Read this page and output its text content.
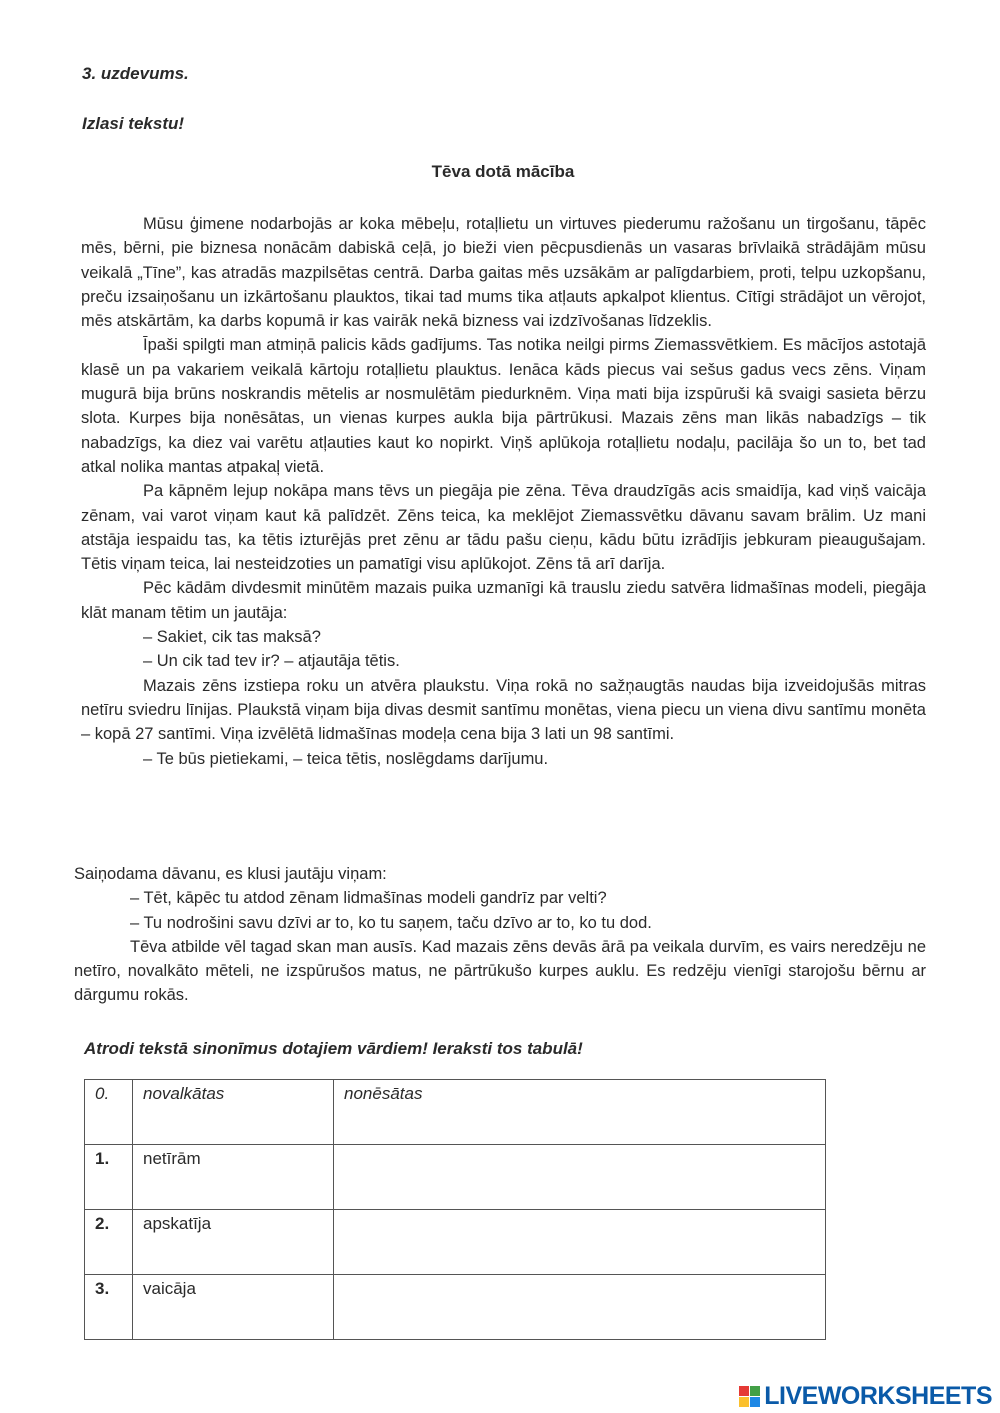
3. uzdevums.
Izlasi tekstu!
Tēva dotā mācība

Mūsu ģimene nodarbojās ar koka mēbeļu, rotaļlietu un virtuves piederumu ražošanu un tirgošanu, tāpēc mēs, bērni, pie biznesa nonācām dabiskā ceļā, jo bieži vien pēcpusdienās un vasaras brīvlaikā strādājām mūsu veikalā „Tīne”, kas atradās mazpilsētas centrā. Darba gaitas mēs uzsākām ar palīgdarbiem, proti, telpu uzkopšanu, preču izsaiņošanu un izkārtošanu plauktos, tikai tad mums tika atļauts apkalpot klientus. Cītīgi strādājot un vērojot, mēs atskārtām, ka darbs kopumā ir kas vairāk nekā bizness vai izdzīvošanas līdzeklis.

Īpaši spilgti man atmiņā palicis kāds gadījums. Tas notika neilgi pirms Ziemassvētkiem. Es mācījos astotajā klasē un pa vakariem veikalā kārtoju rotaļlietu plauktus. Ienāca kāds piecus vai sešus gadus vecs zēns. Viņam mugurā bija brūns noskrandis mētelis ar nosmulētām piedurknēm. Viņa mati bija izspūruši kā svaigi sasieta bērzu slota. Kurpes bija nonēsātas, un vienas kurpes aukla bija pārtrūkusi. Mazais zēns man likās nabadzīgs – tik nabadzīgs, ka diez vai varētu atļauties kaut ko nopirkt. Viņš aplūkoja rotaļlietu nodaļu, pacilāja šo un to, bet tad atkal nolika mantas atpakaļ vietā.

Pa kāpnēm lejup nokāpa mans tēvs un piegāja pie zēna. Tēva draudzīgās acis smaidīja, kad viņš vaicāja zēnam, vai varot viņam kaut kā palīdzēt. Zēns teica, ka meklējot Ziemassvētku dāvanu savam brālim. Uz mani atstāja iespaidu tas, ka tētis izturējās pret zēnu ar tādu pašu cieņu, kādu būtu izrādījis jebkuram pieaugušajam. Tētis viņam teica, lai nesteidzoties un pamatīgi visu aplūkojot. Zēns tā arī darīja.

Pēc kādām divdesmit minūtēm mazais puika uzmanīgi kā trauslu ziedu satvēra lidmašīnas modeli, piegāja klāt manam tētim un jautāja:

– Sakiet, cik tas maksā?

– Un cik tad tev ir? – atjautāja tētis.

Mazais zēns izstiepa roku un atvēra plaukstu. Viņa rokā no sažņaugtās naudas bija izveidojušās mitras netīru sviedru līnijas. Plaukstā viņam bija divas desmit santīmu monētas, viena piecu un viena divu santīmu monēta – kopā 27 santīmi. Viņa izvēlētā lidmašīnas modeļa cena bija 3 lati un 98 santīmi.

– Te būs pietiekami, – teica tētis, noslēgdams darījumu.

Saiņodama dāvanu, es klusi jautāju viņam:

– Tēt, kāpēc tu atdod zēnam lidmašīnas modeli gandrīz par velti?

– Tu nodrošini savu dzīvi ar to, ko tu saņem, taču dzīvo ar to, ko tu dod.

Tēva atbilde vēl tagad skan man ausīs. Kad mazais zēns devās ārā pa veikala durvīm, es vairs neredzēju ne netīro, novalkāto mēteli, ne izspūrušos matus, ne pārtrūkušo kurpes auklu. Es redzēju vienīgi starojošu bērnu ar dārgumu rokās.

Atrodi tekstā sinonīmus dotajiem vārdiem! Ieraksti tos tabulā!
0.	novalkātas	nonēsātas
1.	netīrām	
2.	apskatīja	
3.	vaicāja	
LIVEWORKSHEETS
